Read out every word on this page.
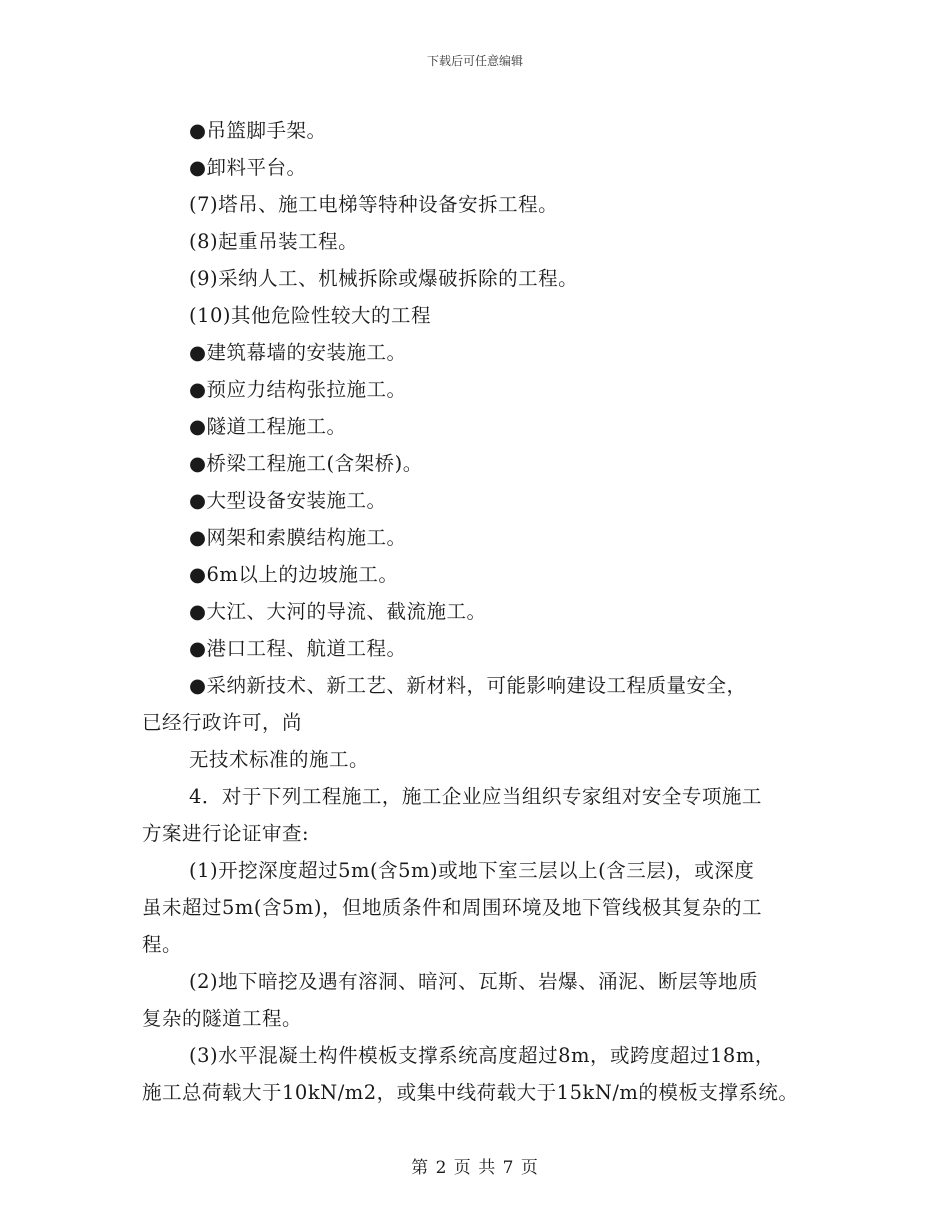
下载后可任意编辑
●吊篮脚手架。
●卸料平台。
(7)塔吊、施工电梯等特种设备安拆工程。
(8)起重吊装工程。
(9)采纳人工、机械拆除或爆破拆除的工程。
(10)其他危险性较大的工程
●建筑幕墙的安装施工。
●预应力结构张拉施工。
●隧道工程施工。
●桥梁工程施工(含架桥)。
●大型设备安装施工。
●网架和索膜结构施工。
●6m以上的边坡施工。
●大江、大河的导流、截流施工。
●港口工程、航道工程。
●采纳新技术、新工艺、新材料，可能影响建设工程质量安全，
已经行政许可，尚
无技术标准的施工。
4．对于下列工程施工，施工企业应当组织专家组对安全专项施工
方案进行论证审查:
(1)开挖深度超过5m(含5m)或地下室三层以上(含三层)，或深度
虽未超过5m(含5m)，但地质条件和周围环境及地下管线极其复杂的工
程。
(2)地下暗挖及遇有溶洞、暗河、瓦斯、岩爆、涌泥、断层等地质
复杂的隧道工程。
(3)水平混凝土构件模板支撑系统高度超过8m，或跨度超过18m，
施工总荷载大于10kN/m2，或集中线荷载大于15kN/m的模板支撑系统。
第 2 页 共 7 页
